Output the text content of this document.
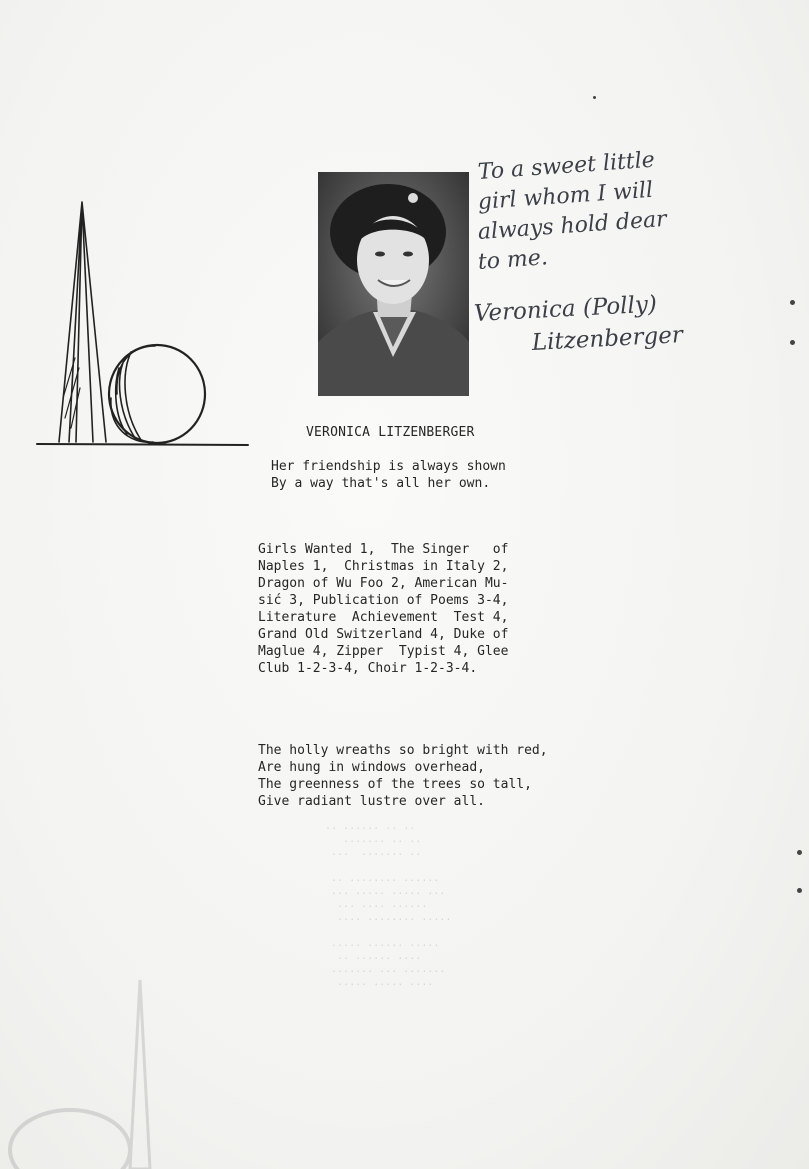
.. ...... .. ..
....... .. ..
...  ....... ..

.. ........ ......
... ..... ..... ...
... .... ......
.... ........ .....

..... ...... .....
.. ...... ....
....... ... .......
..... ..... ....
To a sweet little
girl whom I will
always hold dear
to me.
Veronica (Polly)
Litzenberger
VERONICA LITZENBERGER
Her friendship is always shown
By a way that's all her own.
Girls Wanted 1,  The Singer   of
Naples 1,  Christmas in Italy 2,
Dragon of Wu Foo 2, American Mu-
sić 3, Publication of Poems 3-4,
Literature  Achievement  Test 4,
Grand Old Switzerland 4, Duke of
Maglue 4, Zipper  Typist 4, Glee
Club 1-2-3-4, Choir 1-2-3-4.
The holly wreaths so bright with red,
Are hung in windows overhead,
The greenness of the trees so tall,
Give radiant lustre over all.
